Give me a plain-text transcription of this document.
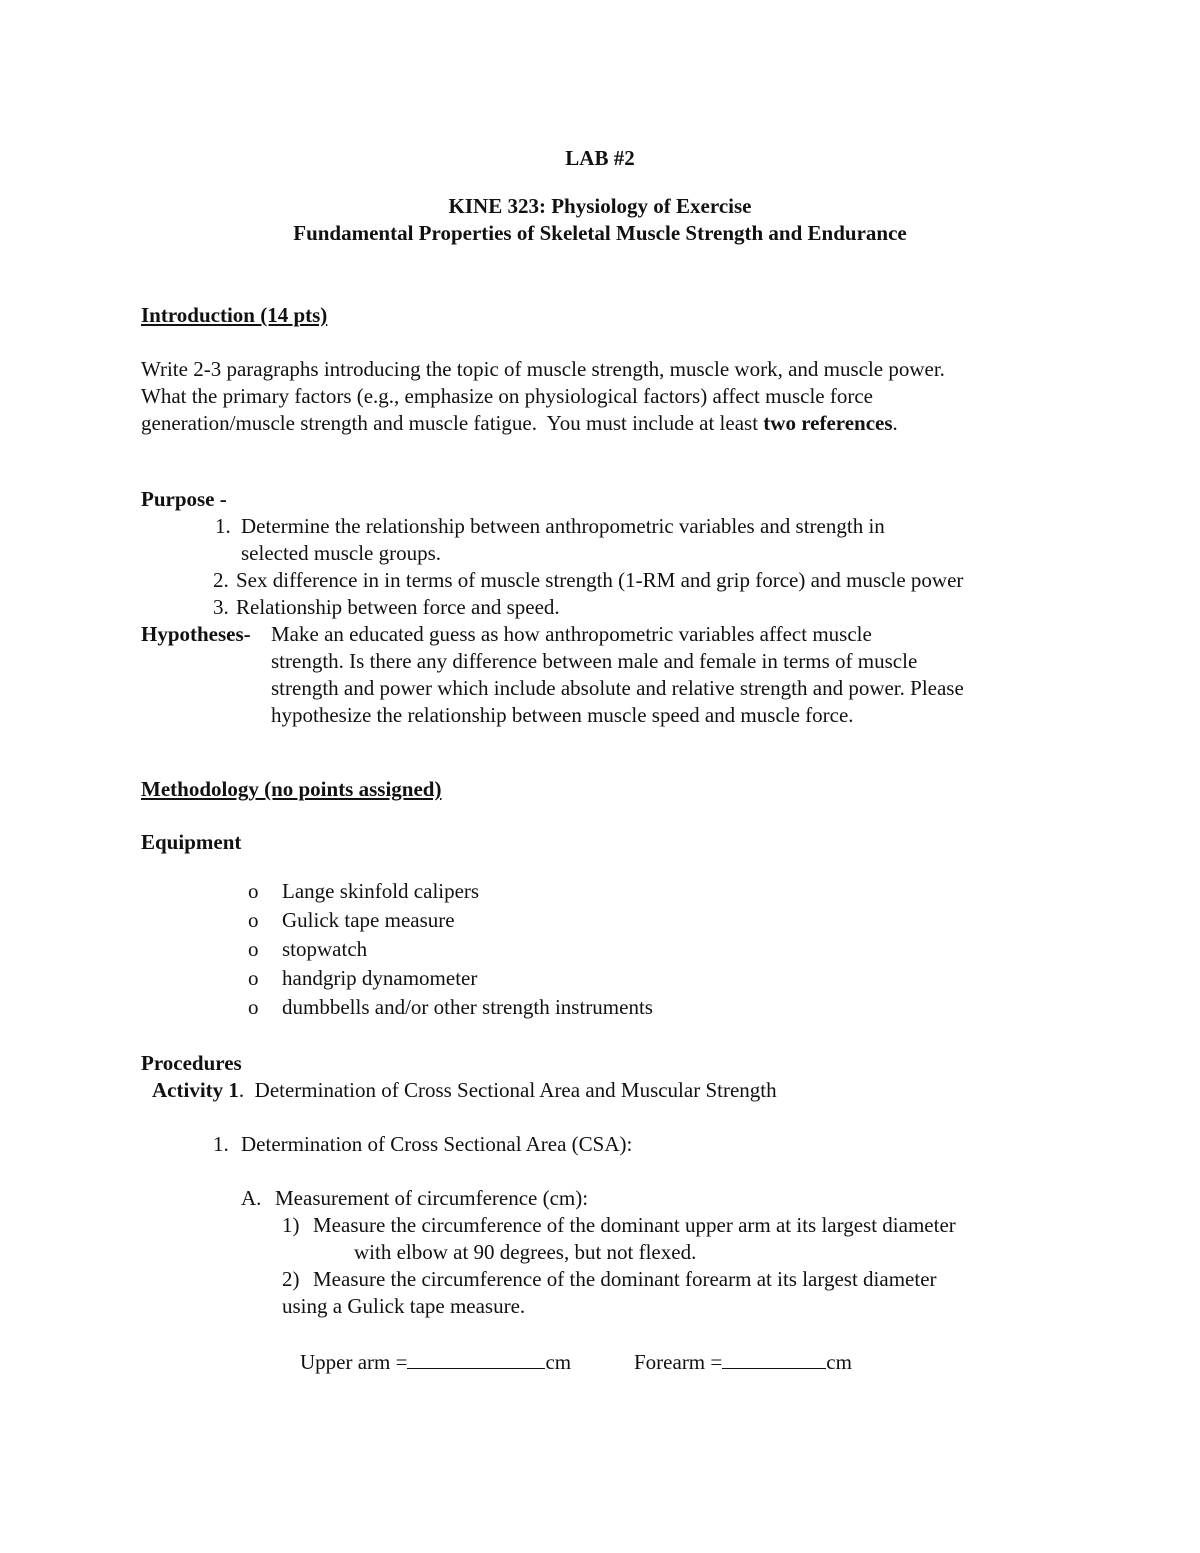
LAB #2
KINE 323: Physiology of Exercise
Fundamental Properties of Skeletal Muscle Strength and Endurance
Introduction (14 pts)
Write 2-3 paragraphs introducing the topic of muscle strength, muscle work, and muscle power.
What the primary factors (e.g., emphasize on physiological factors) affect muscle force
generation/muscle strength and muscle fatigue.  You must include at least two references.
Purpose -
1. Determine the relationship between anthropometric variables and strength in
selected muscle groups.
2. Sex difference in in terms of muscle strength (1-RM and grip force) and muscle power
3. Relationship between force and speed.
Hypotheses- Make an educated guess as how anthropometric variables affect muscle
strength. Is there any difference between male and female in terms of muscle
strength and power which include absolute and relative strength and power. Please
hypothesize the relationship between muscle speed and muscle force.
Methodology (no points assigned)
Equipment
o Lange skinfold calipers
o Gulick tape measure
o stopwatch
o handgrip dynamometer
o dumbbells and/or other strength instruments
Procedures
Activity 1.  Determination of Cross Sectional Area and Muscular Strength
1. Determination of Cross Sectional Area (CSA):
A. Measurement of circumference (cm):
1) Measure the circumference of the dominant upper arm at its largest diameter
with elbow at 90 degrees, but not flexed.
2) Measure the circumference of the dominant forearm at its largest diameter
using a Gulick tape measure.
Upper arm =	cm	Forearm =	cm
